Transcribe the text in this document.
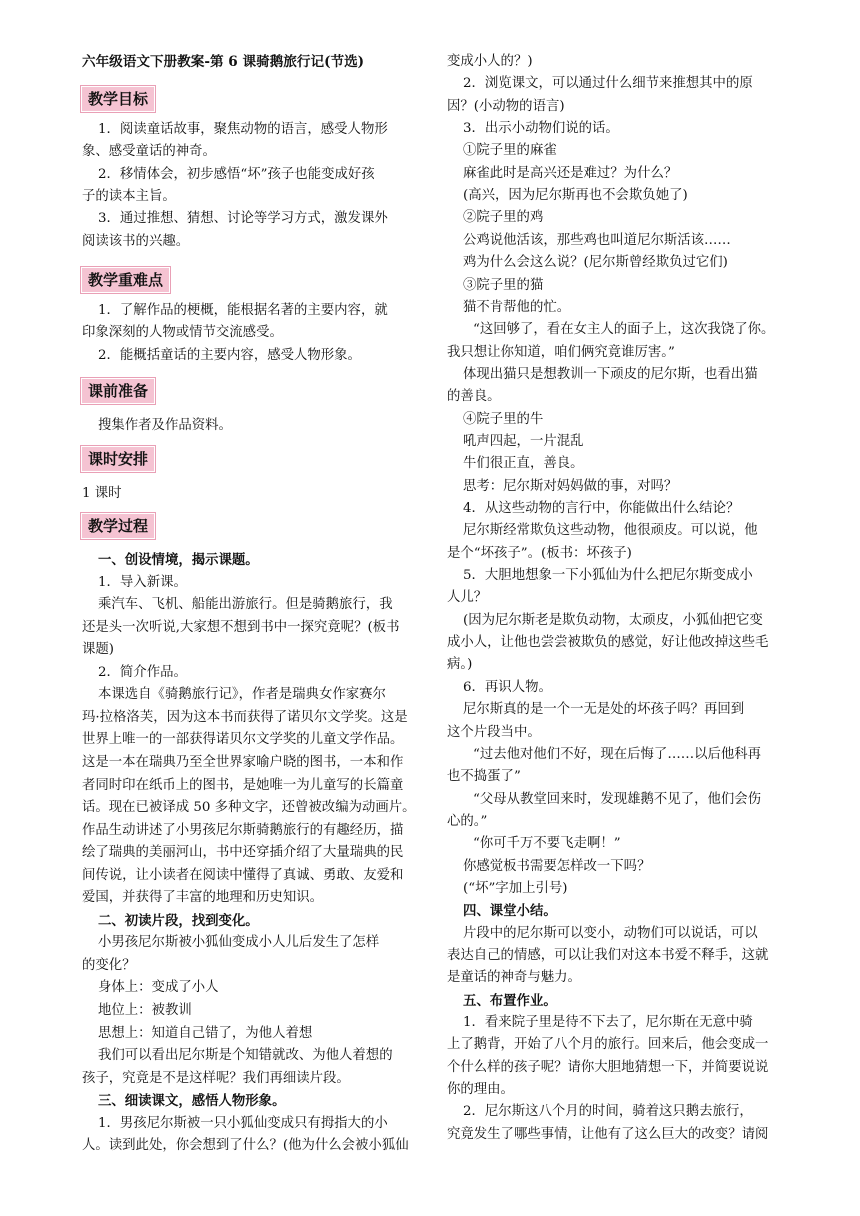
六年级语文下册教案-第 6 课骑鹅旅行记(节选)
教学目标
1．阅读童话故事，聚焦动物的语言，感受人物形
象、感受童话的神奇。
2．移情体会，初步感悟“坏”孩子也能变成好孩
子的读本主旨。
3．通过推想、猜想、讨论等学习方式，激发课外
阅读该书的兴趣。
教学重难点
1．了解作品的梗概，能根据名著的主要内容，就
印象深刻的人物或情节交流感受。
2．能概括童话的主要内容，感受人物形象。
课前准备
搜集作者及作品资料。
课时安排
1 课时
教学过程
一、创设情境，揭示课题。
1．导入新课。
乘汽车、飞机、船能出游旅行。但是骑鹅旅行，我
还是头一次听说,大家想不想到书中一探究竟呢？(板书
课题)
2．简介作品。
本课选自《骑鹅旅行记》，作者是瑞典女作家赛尔
玛·拉格洛芙，因为这本书而获得了诺贝尔文学奖。这是
世界上唯一的一部获得诺贝尔文学奖的儿童文学作品。
这是一本在瑞典乃至全世界家喻户晓的图书，一本和作
者同时印在纸币上的图书，是她唯一为儿童写的长篇童
话。现在已被译成 50 多种文字，还曾被改编为动画片。
作品生动讲述了小男孩尼尔斯骑鹅旅行的有趣经历，描
绘了瑞典的美丽河山，书中还穿插介绍了大量瑞典的民
间传说，让小读者在阅读中懂得了真诚、勇敢、友爱和
爱国，并获得了丰富的地理和历史知识。
二、初读片段，找到变化。
小男孩尼尔斯被小狐仙变成小人儿后发生了怎样
的变化？
身体上：变成了小人
地位上：被教训
思想上：知道自己错了，为他人着想
我们可以看出尼尔斯是个知错就改、为他人着想的
孩子，究竟是不是这样呢？我们再细读片段。
三、细读课文，感悟人物形象。
1．男孩尼尔斯被一只小狐仙变成只有拇指大的小
人。读到此处，你会想到了什么？(他为什么会被小狐仙
变成小人的？)
2．浏览课文，可以通过什么细节来推想其中的原
因？(小动物的语言)
3．出示小动物们说的话。
①院子里的麻雀
麻雀此时是高兴还是难过？为什么？
(高兴，因为尼尔斯再也不会欺负她了)
②院子里的鸡
公鸡说他活该，那些鸡也叫道尼尔斯活该……
鸡为什么会这么说？(尼尔斯曾经欺负过它们)
③院子里的猫
猫不肯帮他的忙。
“这回够了，看在女主人的面子上，这次我饶了你。
我只想让你知道，咱们俩究竟谁厉害。”
体现出猫只是想教训一下顽皮的尼尔斯，也看出猫
的善良。
④院子里的牛
吼声四起，一片混乱
牛们很正直，善良。
思考：尼尔斯对妈妈做的事，对吗？
4．从这些动物的言行中，你能做出什么结论？
尼尔斯经常欺负这些动物，他很顽皮。可以说，他
是个“坏孩子”。(板书：坏孩子)
5．大胆地想象一下小狐仙为什么把尼尔斯变成小
人儿？
(因为尼尔斯老是欺负动物，太顽皮，小狐仙把它变
成小人，让他也尝尝被欺负的感觉，好让他改掉这些毛
病。)
6．再识人物。
尼尔斯真的是一个一无是处的坏孩子吗？再回到
这个片段当中。
“过去他对他们不好，现在后悔了……以后他科再
也不捣蛋了”
“父母从教堂回来时，发现雄鹅不见了，他们会伤
心的。”
“你可千万不要飞走啊！”
你感觉板书需要怎样改一下吗？
(“坏”字加上引号)
四、课堂小结。
片段中的尼尔斯可以变小，动物们可以说话，可以
表达自己的情感，可以让我们对这本书爱不释手，这就
是童话的神奇与魅力。
五、布置作业。
1．看来院子里是待不下去了，尼尔斯在无意中骑
上了鹅背，开始了八个月的旅行。回来后，他会变成一
个什么样的孩子呢？请你大胆地猜想一下，并简要说说
你的理由。
2．尼尔斯这八个月的时间，骑着这只鹅去旅行，
究竟发生了哪些事情，让他有了这么巨大的改变？请阅
